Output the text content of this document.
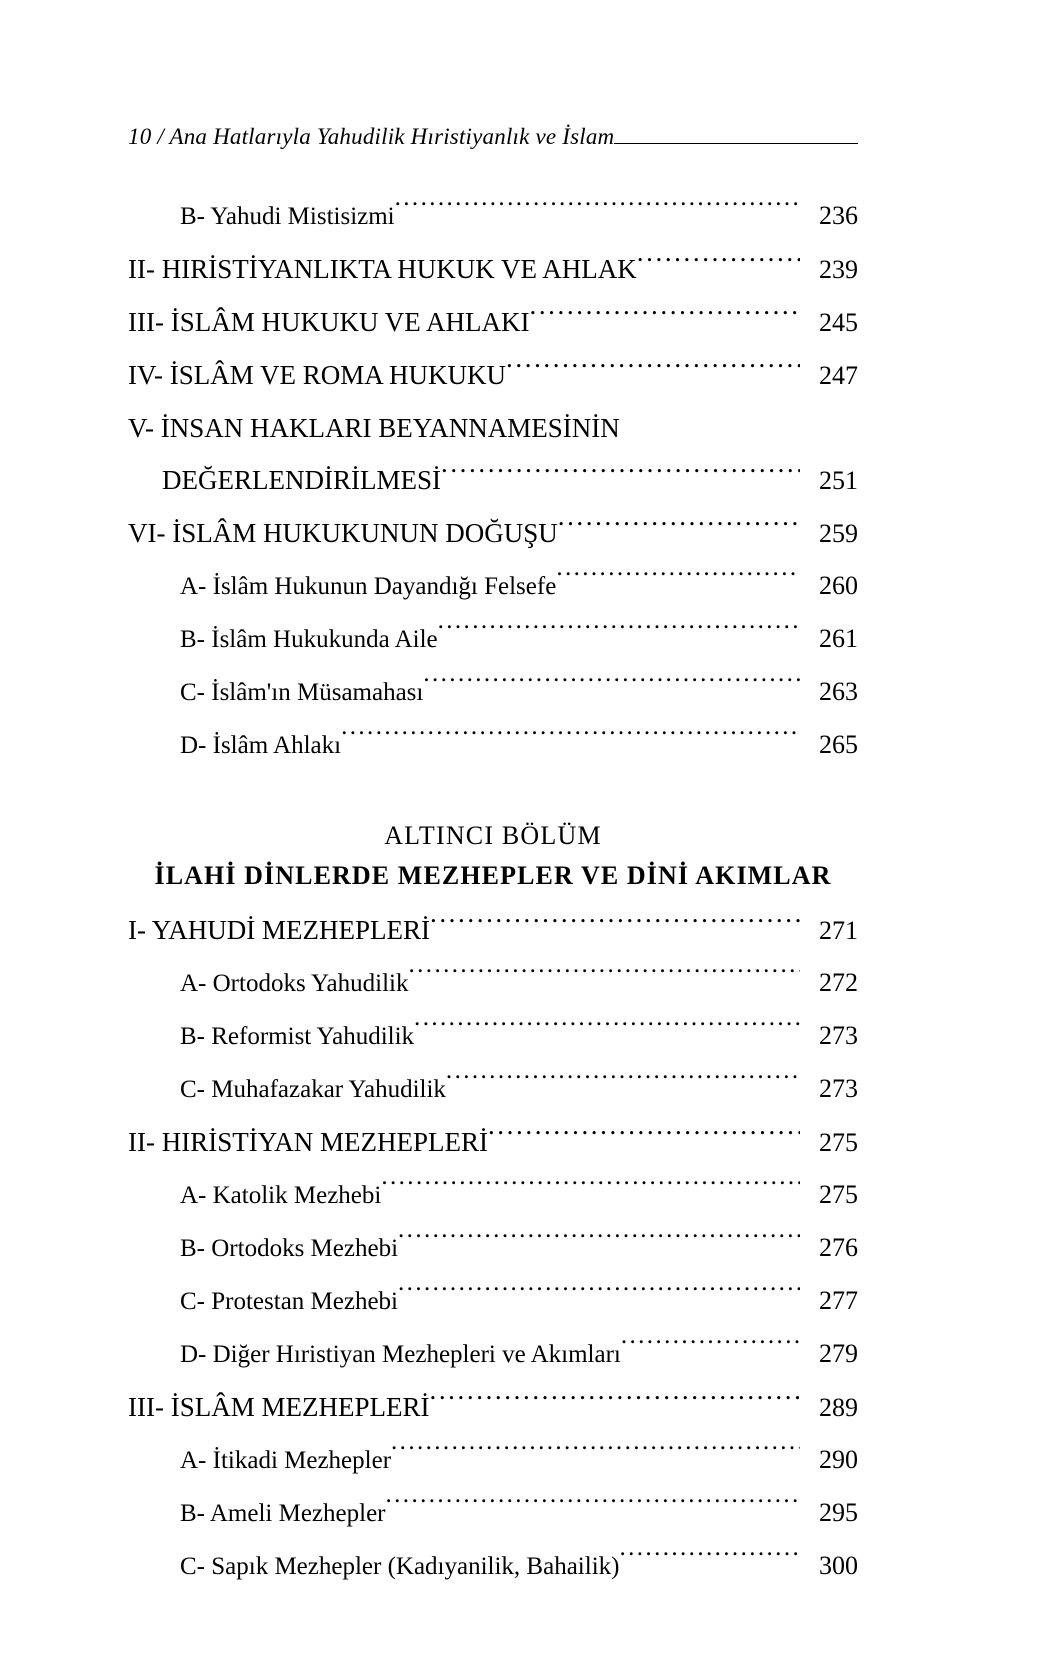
10 / Ana Hatlarıyla Yahudilik Hıristiyanlık ve İslam
B- Yahudi Mistisizmi .....	236
II- HIRİSTİYANLIKTA HUKUK VE AHLAK .....	239
III- İSLÂM HUKUKU VE AHLAKI .....	245
IV- İSLÂM VE ROMA HUKUKU .....	247
V- İNSAN HAKLARI BEYANNAMESİNİN
DEĞERLENDİRİLMESİ .....	251
VI- İSLÂM HUKUKUNUN DOĞUŞU .....	259
A- İslâm Hukunun Dayandığı Felsefe .....	260
B- İslâm Hukukunda Aile .....	261
C- İslâm'ın Müsamahası .....	263
D- İslâm Ahlakı .....	265
ALTINCI BÖLÜM
İLAHİ DİNLERDE MEZHEPLER VE DİNİ AKIMLAR
I- YAHUDİ MEZHEPLERİ .....	271
A- Ortodoks Yahudilik .....	272
B- Reformist Yahudilik .....	273
C- Muhafazakar Yahudilik .....	273
II- HIRİSTİYAN MEZHEPLERİ .....	275
A- Katolik Mezhebi .....	275
B- Ortodoks Mezhebi .....	276
C- Protestan Mezhebi .....	277
D- Diğer Hıristiyan Mezhepleri ve Akımları .....	279
III- İSLÂM MEZHEPLERİ .....	289
A- İtikadi Mezhepler .....	290
B- Ameli Mezhepler .....	295
C- Sapık Mezhepler (Kadıyanilik, Bahailik) .....	300
